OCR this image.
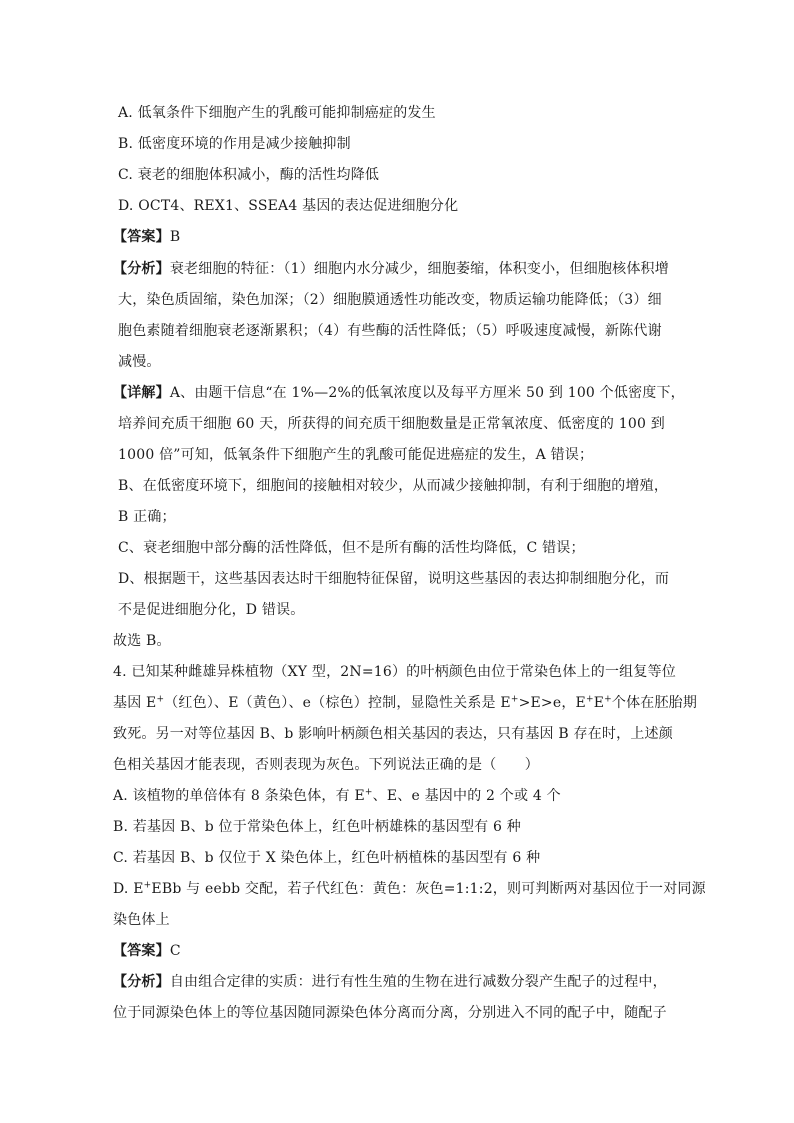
A. 低氧条件下细胞产生的乳酸可能抑制癌症的发生
B. 低密度环境的作用是减少接触抑制
C. 衰老的细胞体积减小，酶的活性均降低
D. OCT4、REX1、SSEA4 基因的表达促进细胞分化
【答案】B
【分析】衰老细胞的特征：（1）细胞内水分减少，细胞萎缩，体积变小，但细胞核体积增
大，染色质固缩，染色加深；（2）细胞膜通透性功能改变，物质运输功能降低；（3）细
胞色素随着细胞衰老逐渐累积；（4）有些酶的活性降低；（5）呼吸速度减慢，新陈代谢
减慢。
【详解】A、由题干信息“在 1%—2%的低氧浓度以及每平方厘米 50 到 100 个低密度下，
培养间充质干细胞 60 天，所获得的间充质干细胞数量是正常氧浓度、低密度的 100 到
1000 倍”可知，低氧条件下细胞产生的乳酸可能促进癌症的发生，A 错误；
B、在低密度环境下，细胞间的接触相对较少，从而减少接触抑制，有利于细胞的增殖，
B 正确；
C、衰老细胞中部分酶的活性降低，但不是所有酶的活性均降低，C 错误；
D、根据题干，这些基因表达时干细胞特征保留，说明这些基因的表达抑制细胞分化，而
不是促进细胞分化，D 错误。
故选 B。
4. 已知某种雌雄异株植物（XY 型，2N=16）的叶柄颜色由位于常染色体上的一组复等位
基因 E+（红色）、E（黄色）、e（棕色）控制，显隐性关系是 E+>E>e，E+E+个体在胚胎期
致死。另一对等位基因 B、b 影响叶柄颜色相关基因的表达，只有基因 B 存在时，上述颜
色相关基因才能表现，否则表现为灰色。下列说法正确的是（　　）
A. 该植物的单倍体有 8 条染色体，有 E+、E、e 基因中的 2 个或 4 个
B. 若基因 B、b 位于常染色体上，红色叶柄雄株的基因型有 6 种
C. 若基因 B、b 仅位于 X 染色体上，红色叶柄植株的基因型有 6 种
D. E+EBb 与 eebb 交配，若子代红色：黄色：灰色=1:1:2，则可判断两对基因位于一对同源
染色体上
【答案】C
【分析】自由组合定律的实质：进行有性生殖的生物在进行减数分裂产生配子的过程中，
位于同源染色体上的等位基因随同源染色体分离而分离，分别进入不同的配子中，随配子
